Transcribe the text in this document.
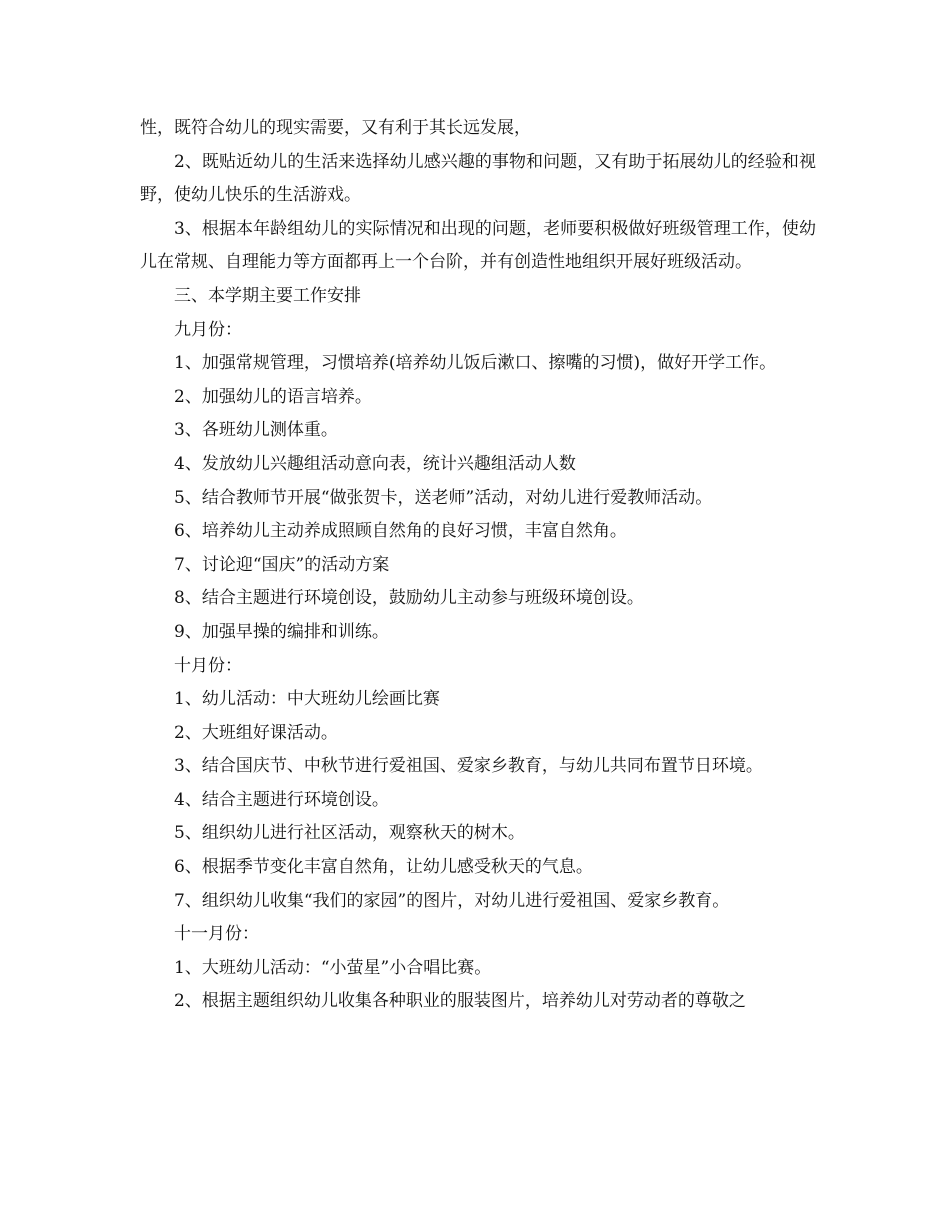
性，既符合幼儿的现实需要，又有利于其长远发展，

2、既贴近幼儿的生活来选择幼儿感兴趣的事物和问题，又有助于拓展幼儿的经验和视野，使幼儿快乐的生活游戏。

3、根据本年龄组幼儿的实际情况和出现的问题，老师要积极做好班级管理工作，使幼儿在常规、自理能力等方面都再上一个台阶，并有创造性地组织开展好班级活动。

三、本学期主要工作安排

九月份：

1、加强常规管理，习惯培养(培养幼儿饭后漱口、擦嘴的习惯)，做好开学工作。

2、加强幼儿的语言培养。

3、各班幼儿测体重。

4、发放幼儿兴趣组活动意向表，统计兴趣组活动人数

5、结合教师节开展“做张贺卡，送老师”活动，对幼儿进行爱教师活动。

6、培养幼儿主动养成照顾自然角的良好习惯，丰富自然角。

7、讨论迎“国庆”的活动方案

8、结合主题进行环境创设，鼓励幼儿主动参与班级环境创设。

9、加强早操的编排和训练。

十月份：

1、幼儿活动：中大班幼儿绘画比赛

2、大班组好课活动。

3、结合国庆节、中秋节进行爱祖国、爱家乡教育，与幼儿共同布置节日环境。

4、结合主题进行环境创设。

5、组织幼儿进行社区活动，观察秋天的树木。

6、根据季节变化丰富自然角，让幼儿感受秋天的气息。

7、组织幼儿收集“我们的家园”的图片，对幼儿进行爱祖国、爱家乡教育。

十一月份：

1、大班幼儿活动：“小萤星”小合唱比赛。

2、根据主题组织幼儿收集各种职业的服装图片，培养幼儿对劳动者的尊敬之
